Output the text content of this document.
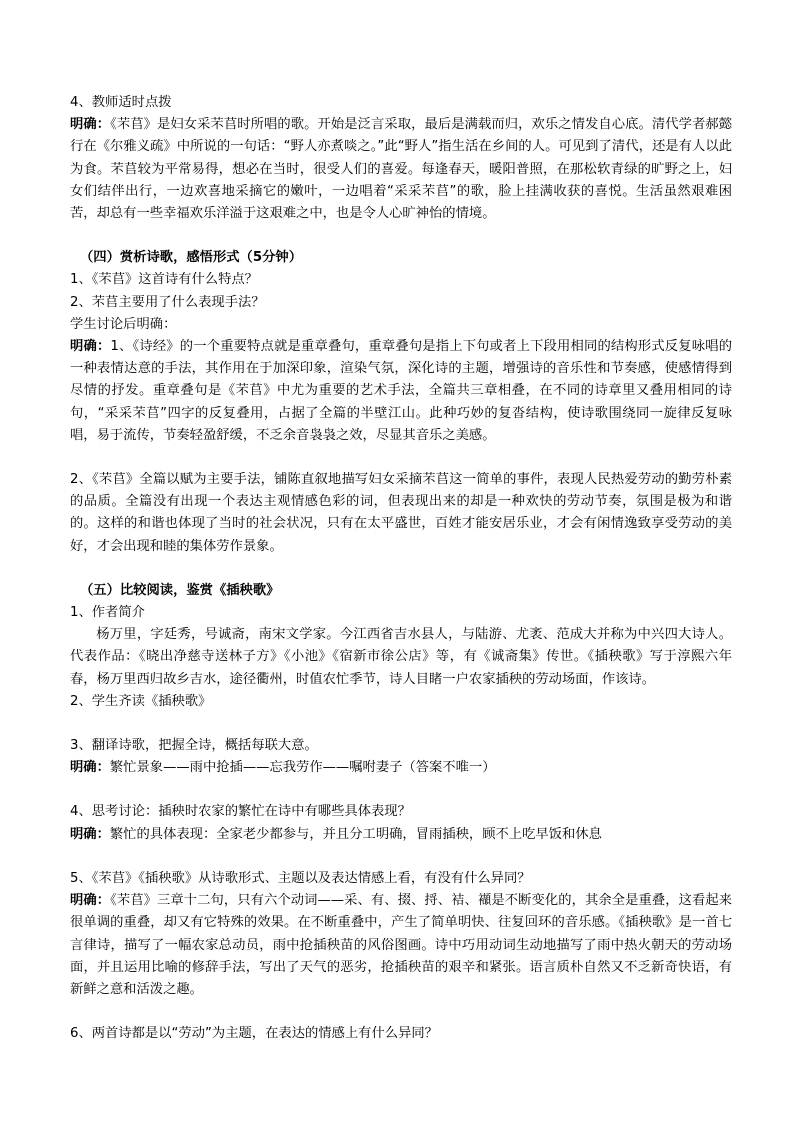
4、教师适时点拨

明确：《芣苢》是妇女采芣苢时所唱的歌。开始是泛言采取，最后是满载而归，欢乐之情发自心底。清代学者郝懿行在《尔雅义疏》中所说的一句话：“野人亦煮啖之。”此“野人”指生活在乡间的人。可见到了清代，还是有人以此为食。芣苢较为平常易得，想必在当时，很受人们的喜爱。每逢春天，暖阳普照，在那松软青绿的旷野之上，妇女们结伴出行，一边欢喜地采摘它的嫩叶，一边唱着“采采芣苢”的歌，脸上挂满收获的喜悦。生活虽然艰难困苦，却总有一些幸福欢乐洋溢于这艰难之中，也是令人心旷神怡的情境。

（四）赏析诗歌，感悟形式（5分钟）

1、《芣苢》这首诗有什么特点？

2、芣苢主要用了什么表现手法？

学生讨论后明确：

明确：1、《诗经》的一个重要特点就是重章叠句，重章叠句是指上下句或者上下段用相同的结构形式反复咏唱的一种表情达意的手法，其作用在于加深印象，渲染气氛，深化诗的主题，增强诗的音乐性和节奏感，使感情得到尽情的抒发。重章叠句是《芣苢》中尤为重要的艺术手法，全篇共三章相叠，在不同的诗章里又叠用相同的诗句，“采采芣苢”四字的反复叠用，占据了全篇的半壁江山。此种巧妙的复沓结构，使诗歌围绕同一旋律反复咏唱，易于流传，节奏轻盈舒缓，不乏余音袅袅之效，尽显其音乐之美感。

2、《芣苢》全篇以赋为主要手法，铺陈直叙地描写妇女采摘芣苢这一简单的事件，表现人民热爱劳动的勤劳朴素的品质。全篇没有出现一个表达主观情感色彩的词，但表现出来的却是一种欢快的劳动节奏，氛围是极为和谐的。这样的和谐也体现了当时的社会状况，只有在太平盛世，百姓才能安居乐业，才会有闲情逸致享受劳动的美好，才会出现和睦的集体劳作景象。

（五）比较阅读，鉴赏《插秧歌》

1、作者简介

杨万里，字廷秀，号诚斋，南宋文学家。今江西省吉水县人，与陆游、尤袤、范成大并称为中兴四大诗人。代表作品：《晓出净慈寺送林子方》《小池》《宿新市徐公店》等，有《诚斋集》传世。《插秧歌》写于淳熙六年春，杨万里西归故乡吉水，途径衢州，时值农忙季节，诗人目睹一户农家插秧的劳动场面，作该诗。

2、学生齐读《插秧歌》

3、翻译诗歌，把握全诗，概括每联大意。

明确：繁忙景象——雨中抢插——忘我劳作——嘱咐妻子（答案不唯一）

4、思考讨论：插秧时农家的繁忙在诗中有哪些具体表现？

明确：繁忙的具体表现：全家老少都参与，并且分工明确，冒雨插秧，顾不上吃早饭和休息

5、《芣苢》《插秧歌》从诗歌形式、主题以及表达情感上看，有没有什么异同？

明确：《芣苢》三章十二句，只有六个动词——采、有、掇、捋、袺、襭是不断变化的，其余全是重叠，这看起来很单调的重叠，却又有它特殊的效果。在不断重叠中，产生了简单明快、往复回环的音乐感。《插秧歌》是一首七言律诗，描写了一幅农家总动员，雨中抢插秧苗的风俗图画。诗中巧用动词生动地描写了雨中热火朝天的劳动场面，并且运用比喻的修辞手法，写出了天气的恶劣，抢插秧苗的艰辛和紧张。语言质朴自然又不乏新奇快语，有新鲜之意和活泼之趣。

6、两首诗都是以“劳动”为主题，在表达的情感上有什么异同？
